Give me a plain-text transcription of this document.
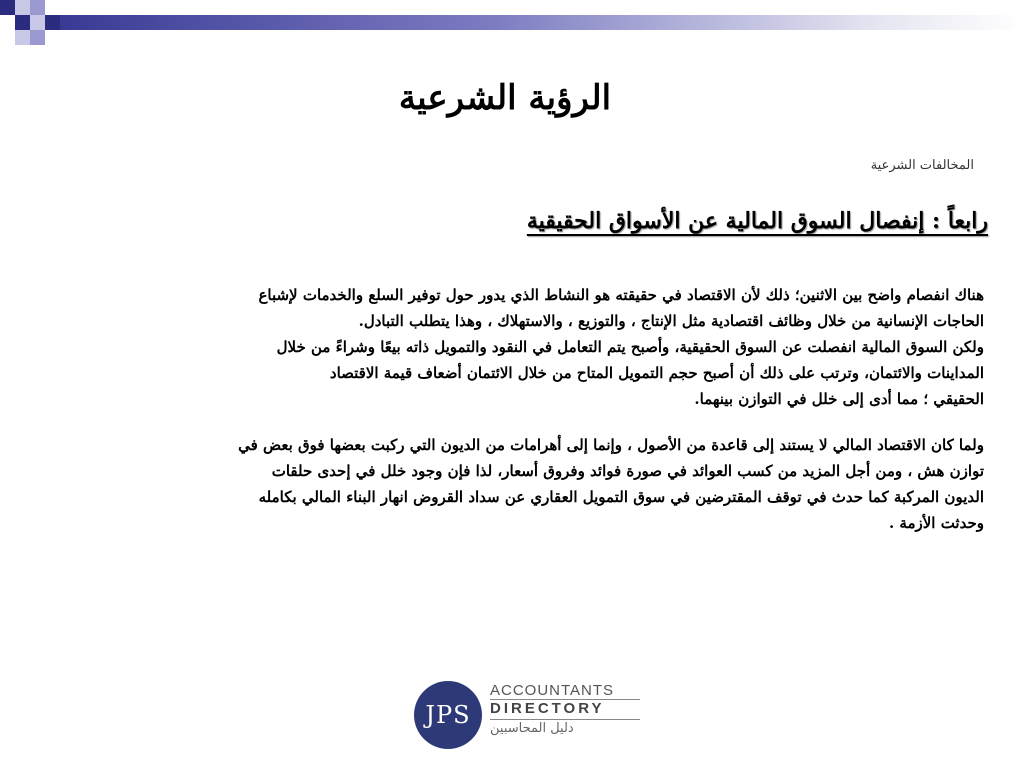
الرؤية الشرعية
المخالفات الشرعية
رابعاً : إنفصال السوق المالية عن الأسواق الحقيقية
هناك انفصام واضح بين الاثنين؛ ذلك لأن الاقتصاد في حقيقته هو النشاط الذي يدور حول توفير السلع والخدمات لإشباع
الحاجات الإنسانية من خلال وظائف اقتصادية مثل الإنتاج ، والتوزيع ، والاستهلاك ، وهذا يتطلب التبادل.
ولكن السوق المالية انفصلت عن السوق الحقيقية، وأصبح يتم التعامل في النقود والتمويل ذاته بيعًا وشراءً من خلال
المداينات والائتمان، وترتب على ذلك أن أصبح حجم التمويل المتاح من خلال الائتمان أضعاف قيمة الاقتصاد
الحقيقي ؛ مما أدى إلى خلل في التوازن بينهما.
ولما كان الاقتصاد المالي لا يستند إلى قاعدة من الأصول ، وإنما إلى أهرامات من الديون التي ركبت بعضها فوق بعض في
توازن هش ، ومن أجل المزيد من كسب العوائد في صورة فوائد وفروق أسعار، لذا فإن وجود خلل في إحدى حلقات
الديون المركبة كما حدث في توقف المقترضين في سوق التمويل العقاري عن سداد القروض انهار البناء المالي بكامله
وحدثت الأزمة .
JPS
ACCOUNTANTS
DIRECTORY
دليل المحاسبين
